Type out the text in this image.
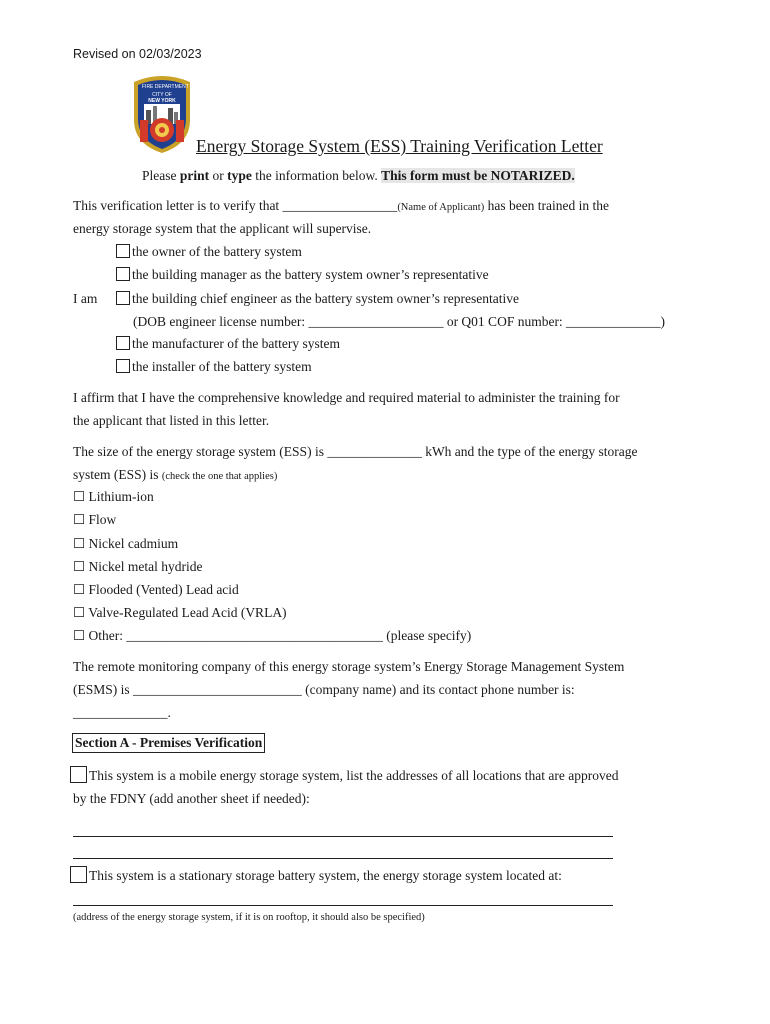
Revised on 02/03/2023
FIRE DEPARTMENT
CITY OF
NEW YORK
Energy Storage System (ESS) Training Verification Letter
Please print or type the information below. This form must be NOTARIZED.
This verification letter is to verify that _________________(Name of Applicant) has been trained in the
energy storage system that the applicant will supervise.
I am
the owner of the battery system
the building manager as the battery system owner’s representative
the building chief engineer as the battery system owner’s representative
(DOB engineer license number: ____________________ or Q01 COF number: ______________)
the manufacturer of the battery system
the installer of the battery system
I affirm that I have the comprehensive knowledge and required material to administer the training for
the applicant that listed in this letter.
The size of the energy storage system (ESS) is ______________ kWh and the type of the energy storage
system (ESS) is (check the one that applies)
☐ Lithium-ion
☐ Flow
☐ Nickel cadmium
☐ Nickel metal hydride
☐ Flooded (Vented) Lead acid
☐ Valve-Regulated Lead Acid (VRLA)
☐ Other: ______________________________________ (please specify)
The remote monitoring company of this energy storage system’s Energy Storage Management System
(ESMS) is _________________________ (company name) and its contact phone number is:
______________.
Section A - Premises Verification
This system is a mobile energy storage system, list the addresses of all locations that are approved
by the FDNY (add another sheet if needed):
This system is a stationary storage battery system, the energy storage system located at:
(address of the energy storage system, if it is on rooftop, it should also be specified)
